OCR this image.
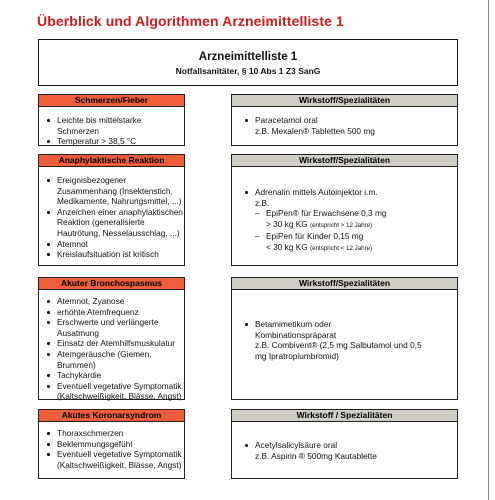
Überblick und Algorithmen Arzneimittelliste 1
Arzneimittelliste 1
Notfallsanitäter, § 10 Abs 1 Z3 SanG
Schmerzen/Fieber
Leichte bis mittelstarke Schmerzen
Temperatur > 38,5 °C
Wirkstoff/Spezialitäten
Paracetamol oral
z.B. Mexalen® Tabletten 500 mg
Anaphylaktische Reaktion
Ereignisbezogener Zusammenhang (Insektenstich, Medikamente, Nahrungsmittel, ...)
Anzeichen einer anaphylaktischen Reaktion (generalisierte Hautrötung, Nesselausschlag, ...)
Atemnot
Kreislaufsituation ist kritisch
Wirkstoff/Spezialitäten
Adrenalin mittels Autoinjektor i.m.
z.B.
– EpiPen® für Erwachsene 0,3 mg
> 30 kg KG (entspricht > 12 Jahre)
– EpiPen für Kinder 0,15 mg
< 30 kg KG (entspricht < 12 Jahre)
Akuter Bronchospasmus
Atemnot, Zyanose
erhöhte Atemfrequenz
Erschwerte und verlängerte Ausatmung
Einsatz der Atemhilfsmuskulatur
Atemgeräusche (Giemen, Brummen)
Tachykardie
Eventuell vegetative Symptomatik (Kaltschweißigkeit, Blässe, Angst)
Wirkstoff/Spezialitäten
Betamimetikum oder Kombinationspräparat
z.B. Combivent® (2,5 mg Salbutamol und 0,5 mg Ipratropiumbromid)
Akutes Koronarsyndrom
Thoraxschmerzen
Beklemmungsgefühl
Eventuell vegetative Symptomatik (Kaltschweißigkeit, Blässe, Angst)
Wirkstoff / Spezialitäten
Acetylsalicylsäure oral
z.B. Aspirin ® 500mg Kautablette
